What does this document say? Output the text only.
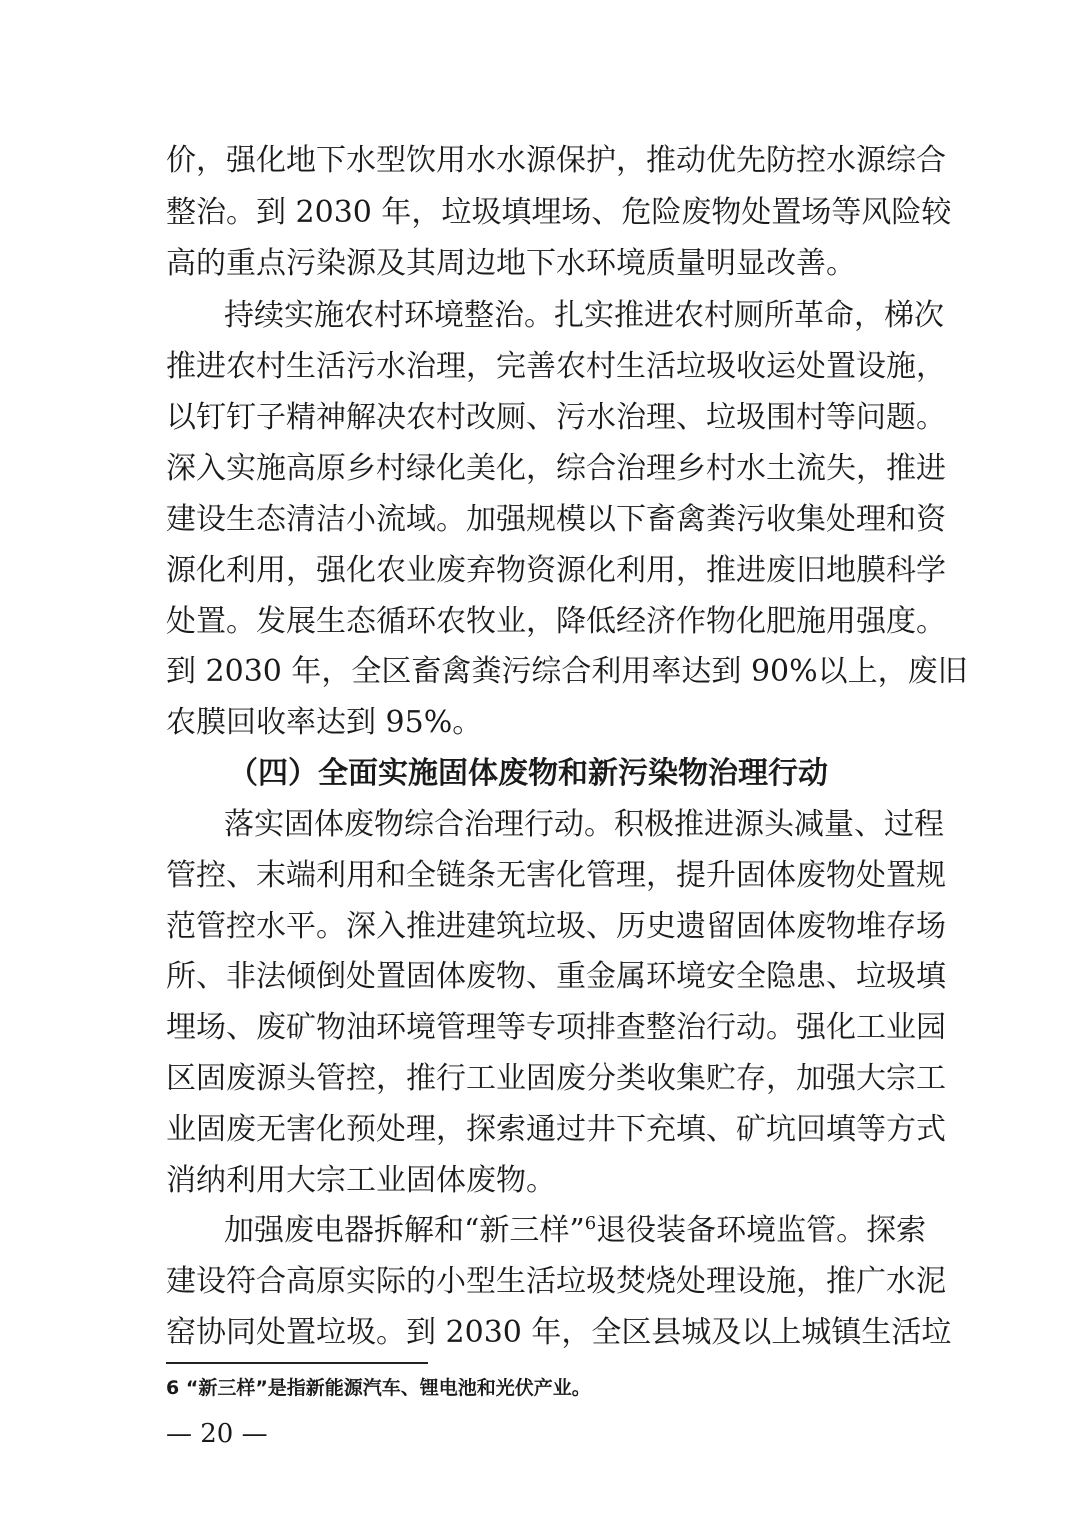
价，强化地下水型饮用水水源保护，推动优先防控水源综合
整治。到 2030 年，垃圾填埋场、危险废物处置场等风险较
高的重点污染源及其周边地下水环境质量明显改善。
持续实施农村环境整治。扎实推进农村厕所革命，梯次
推进农村生活污水治理，完善农村生活垃圾收运处置设施，
以钉钉子精神解决农村改厕、污水治理、垃圾围村等问题。
深入实施高原乡村绿化美化，综合治理乡村水土流失，推进
建设生态清洁小流域。加强规模以下畜禽粪污收集处理和资
源化利用，强化农业废弃物资源化利用，推进废旧地膜科学
处置。发展生态循环农牧业，降低经济作物化肥施用强度。
到 2030 年，全区畜禽粪污综合利用率达到 90%以上，废旧
农膜回收率达到 95%。
（四）全面实施固体废物和新污染物治理行动
落实固体废物综合治理行动。积极推进源头减量、过程
管控、末端利用和全链条无害化管理，提升固体废物处置规
范管控水平。深入推进建筑垃圾、历史遗留固体废物堆存场
所、非法倾倒处置固体废物、重金属环境安全隐患、垃圾填
埋场、废矿物油环境管理等专项排查整治行动。强化工业园
区固废源头管控，推行工业固废分类收集贮存，加强大宗工
业固废无害化预处理，探索通过井下充填、矿坑回填等方式
消纳利用大宗工业固体废物。
加强废电器拆解和“新三样”$^6$退役装备环境监管。探索
建设符合高原实际的小型生活垃圾焚烧处理设施，推广水泥
窑协同处置垃圾。到 2030 年，全区县城及以上城镇生活垃
6 “新三样”是指新能源汽车、锂电池和光伏产业。
— 20 —
